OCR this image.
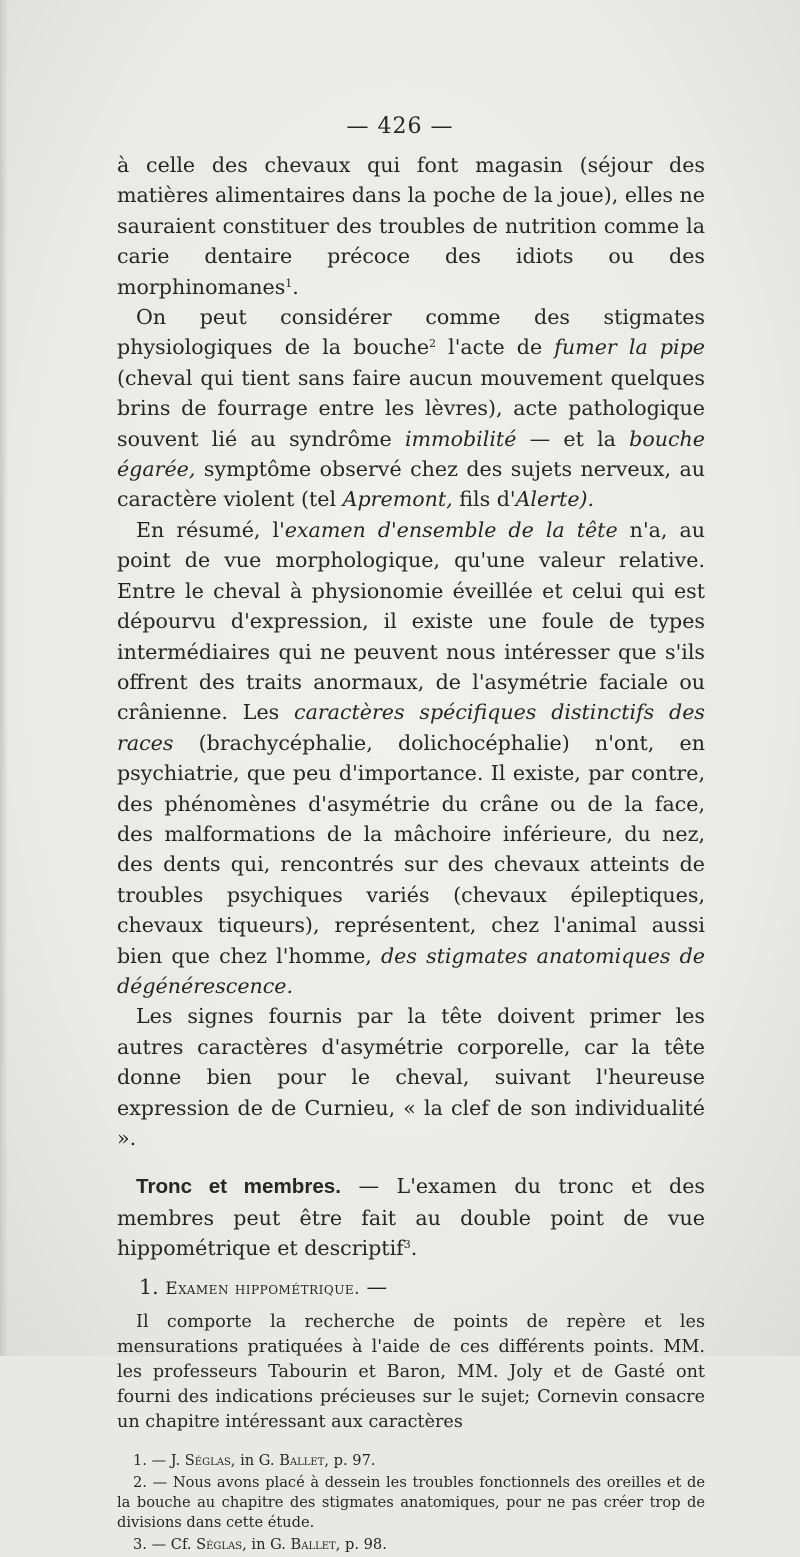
— 426 —

à celle des chevaux qui font magasin (séjour des matières alimentaires dans la poche de la joue), elles ne sauraient constituer des troubles de nutrition comme la carie dentaire précoce des idiots ou des morphinomanes$^1$.

On peut considérer comme des stigmates physiologiques de la bouche$^2$ l'acte de fumer la pipe (cheval qui tient sans faire aucun mouvement quelques brins de fourrage entre les lèvres), acte pathologique souvent lié au syndrôme immobilité — et la bouche égarée, symptôme observé chez des sujets nerveux, au caractère violent (tel Apremont, fils d'Alerte).

En résumé, l'examen d'ensemble de la tête n'a, au point de vue morphologique, qu'une valeur relative. Entre le cheval à physionomie éveillée et celui qui est dépourvu d'expression, il existe une foule de types intermédiaires qui ne peuvent nous intéresser que s'ils offrent des traits anormaux, de l'asymétrie faciale ou crânienne. Les caractères spécifiques distinctifs des races (brachycéphalie, dolichocéphalie) n'ont, en psychiatrie, que peu d'importance. Il existe, par contre, des phénomènes d'asymétrie du crâne ou de la face, des malformations de la mâchoire inférieure, du nez, des dents qui, rencontrés sur des chevaux atteints de troubles psychiques variés (chevaux épileptiques, chevaux tiqueurs), représentent, chez l'animal aussi bien que chez l'homme, des stigmates anatomiques de dégénérescence.

Les signes fournis par la tête doivent primer les autres caractères d'asymétrie corporelle, car la tête donne bien pour le cheval, suivant l'heureuse expression de de Curnieu, « la clef de son individualité ».

Tronc et membres. — L'examen du tronc et des membres peut être fait au double point de vue hippométrique et descriptif$^3$.

1. Examen hippométrique. —

Il comporte la recherche de points de repère et les mensurations pratiquées à l'aide de ces différents points. MM. les professeurs Tabourin et Baron, MM. Joly et de Gasté ont fourni des indications précieuses sur le sujet; Cornevin consacre un chapitre intéressant aux caractères

1. — J. Séglas, in G. Ballet, p. 97.

2. — Nous avons placé à dessein les troubles fonctionnels des oreilles et de la bouche au chapitre des stigmates anatomiques, pour ne pas créer trop de divisions dans cette étude.

3. — Cf. Séglas, in G. Ballet, p. 98.
